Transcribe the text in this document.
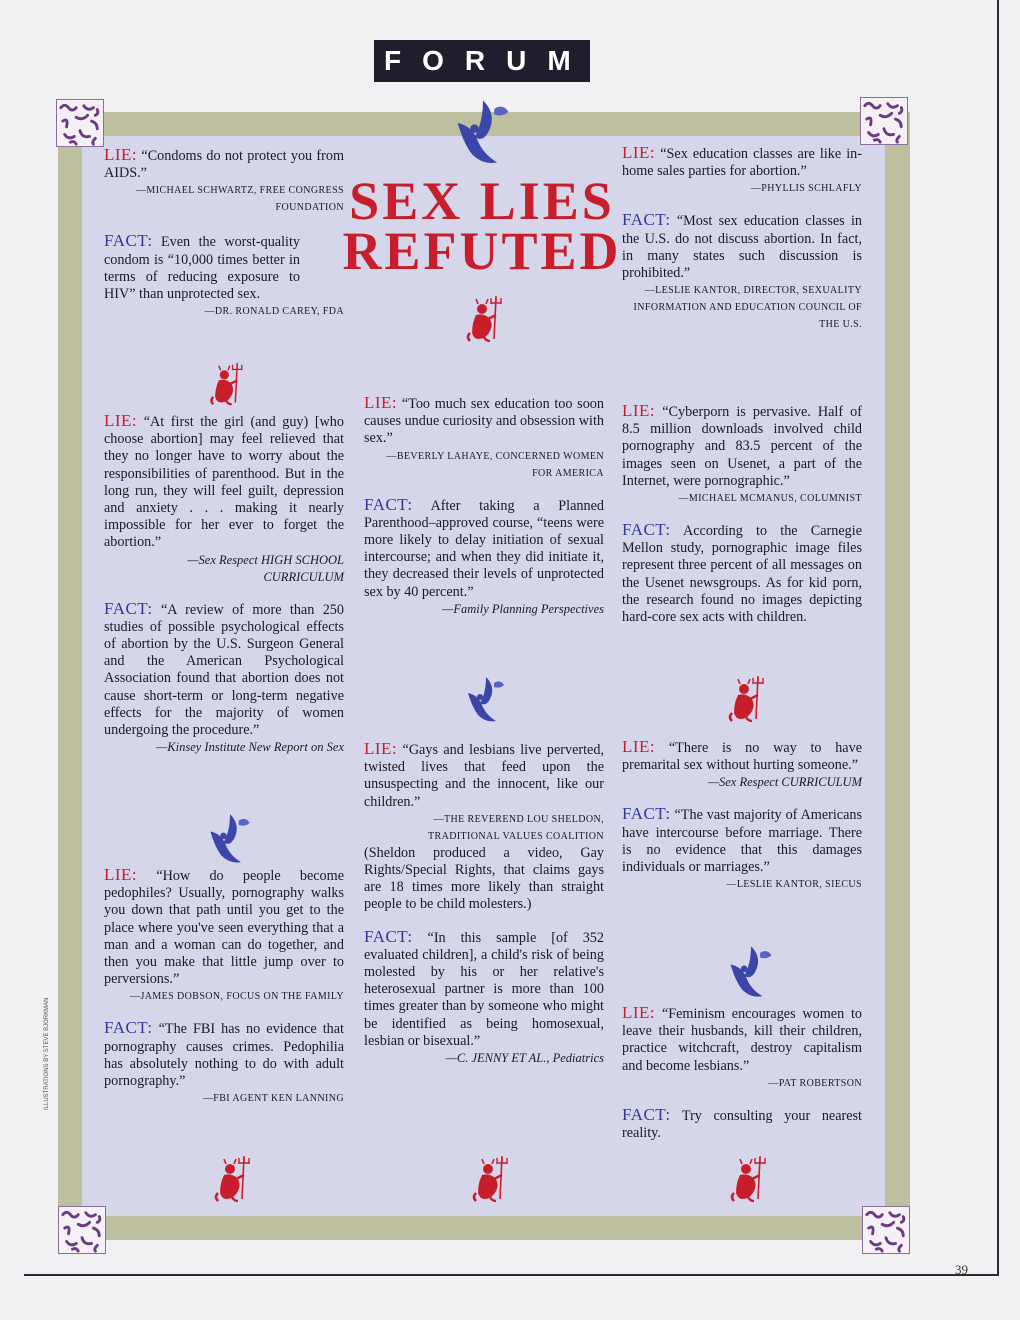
39
FORUM
SEX LIES
REFUTED
ILLUSTRATIONS BY STEVE BJORKMAN

LIE: “Condoms do not protect you from AIDS.”

—MICHAEL SCHWARTZ, FREE CONGRESS FOUNDATION

FACT: Even the worst-quality condom is “10,000 times better in terms of reducing exposure to HIV” than unprotected sex.

—DR. RONALD CAREY, FDA

LIE: “At first the girl (and guy) [who choose abortion] may feel relieved that they no longer have to worry about the responsibilities of parenthood. But in the long run, they will feel guilt, depression and anxiety . . . making it nearly impossible for her ever to forget the abortion.”

—Sex Respect HIGH SCHOOL CURRICULUM

FACT: “A review of more than 250 studies of possible psychological effects of abortion by the U.S. Surgeon General and the American Psychological Association found that abortion does not cause short-term or long-term negative effects for the majority of women undergoing the procedure.”

—Kinsey Institute New Report on Sex

LIE: “How do people become pedophiles? Usually, pornography walks you down that path until you get to the place where you've seen everything that a man and a woman can do together, and then you make that little jump over to perversions.”

—JAMES DOBSON, FOCUS ON THE FAMILY

FACT: “The FBI has no evidence that pornography causes crimes. Pedophilia has absolutely nothing to do with adult pornography.”

—FBI AGENT KEN LANNING

LIE: “Too much sex education too soon causes undue curiosity and obsession with sex.”

—BEVERLY LAHAYE, CONCERNED WOMEN FOR AMERICA

FACT: After taking a Planned Parenthood–approved course, “teens were more likely to delay initiation of sexual intercourse; and when they did initiate it, they decreased their levels of unprotected sex by 40 percent.”

—Family Planning Perspectives

LIE: “Gays and lesbians live perverted, twisted lives that feed upon the unsuspecting and the innocent, like our children.”

—THE REVEREND LOU SHELDON, TRADITIONAL VALUES COALITION

(Sheldon produced a video, Gay Rights/Special Rights, that claims gays are 18 times more likely than straight people to be child molesters.)

FACT: “In this sample [of 352 evaluated children], a child's risk of being molested by his or her relative's heterosexual partner is more than 100 times greater than by someone who might be identified as being homosexual, lesbian or bisexual.”

—C. JENNY ET AL., Pediatrics

LIE: “Sex education classes are like in-home sales parties for abortion.”

—PHYLLIS SCHLAFLY

FACT: “Most sex education classes in the U.S. do not discuss abortion. In fact, in many states such discussion is prohibited.”

—LESLIE KANTOR, DIRECTOR, SEXUALITY INFORMATION AND EDUCATION COUNCIL OF THE U.S.

LIE: “Cyberporn is pervasive. Half of 8.5 million downloads involved child pornography and 83.5 percent of the images seen on Usenet, a part of the Internet, were pornographic.”

—MICHAEL MCMANUS, COLUMNIST

FACT: According to the Carnegie Mellon study, pornographic image files represent three percent of all messages on the Usenet newsgroups. As for kid porn, the research found no images depicting hard-core sex acts with children.

LIE: “There is no way to have premarital sex without hurting someone.”

—Sex Respect CURRICULUM

FACT: “The vast majority of Americans have intercourse before marriage. There is no evidence that this damages individuals or marriages.”

—LESLIE KANTOR, SIECUS

LIE: “Feminism encourages women to leave their husbands, kill their children, practice witchcraft, destroy capitalism and become lesbians.”

—PAT ROBERTSON

FACT: Try consulting your nearest reality.
